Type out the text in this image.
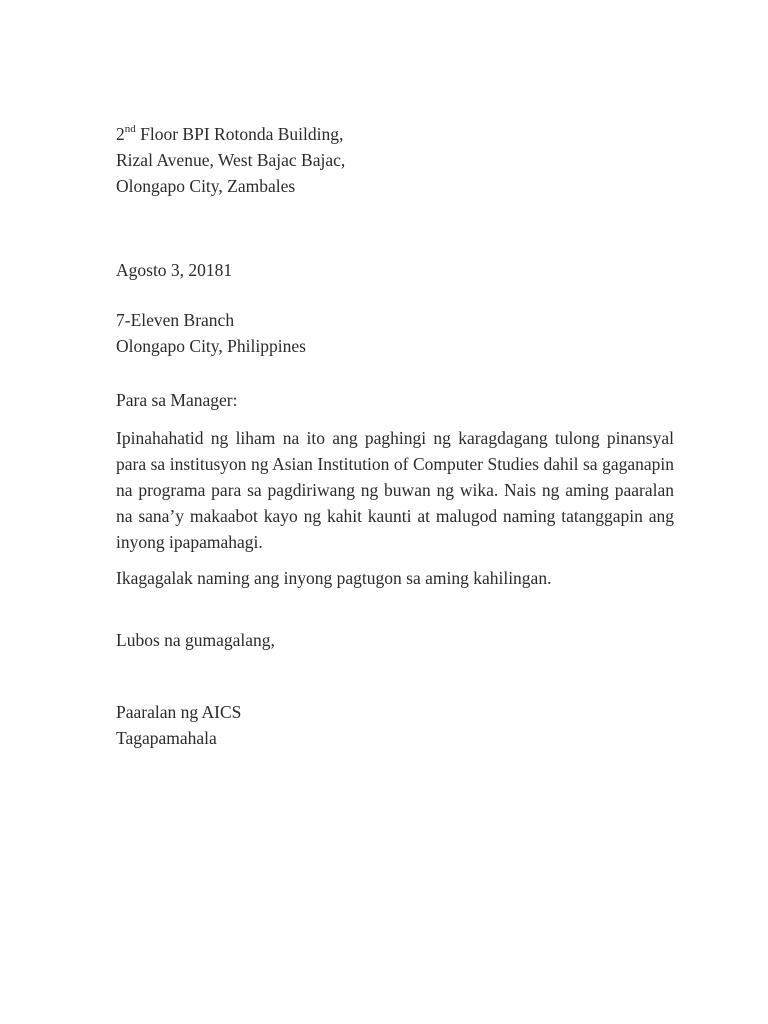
2nd Floor BPI Rotonda Building,
Rizal Avenue, West Bajac Bajac,
Olongapo City, Zambales
Agosto 3, 20181
7-Eleven Branch
Olongapo City, Philippines
Para sa Manager:

Ipinahahatid ng liham na ito ang paghingi ng karagdagang tulong pinansyal para sa institusyon ng Asian Institution of Computer Studies dahil sa gaganapin na programa para sa pagdiriwang ng buwan ng wika. Nais ng aming paaralan na sana’y makaabot kayo ng kahit kaunti at malugod naming tatanggapin ang inyong ipapamahagi.

Ikagagalak naming ang inyong pagtugon sa aming kahilingan.
Lubos na gumagalang,
Paaralan ng AICS
Tagapamahala
